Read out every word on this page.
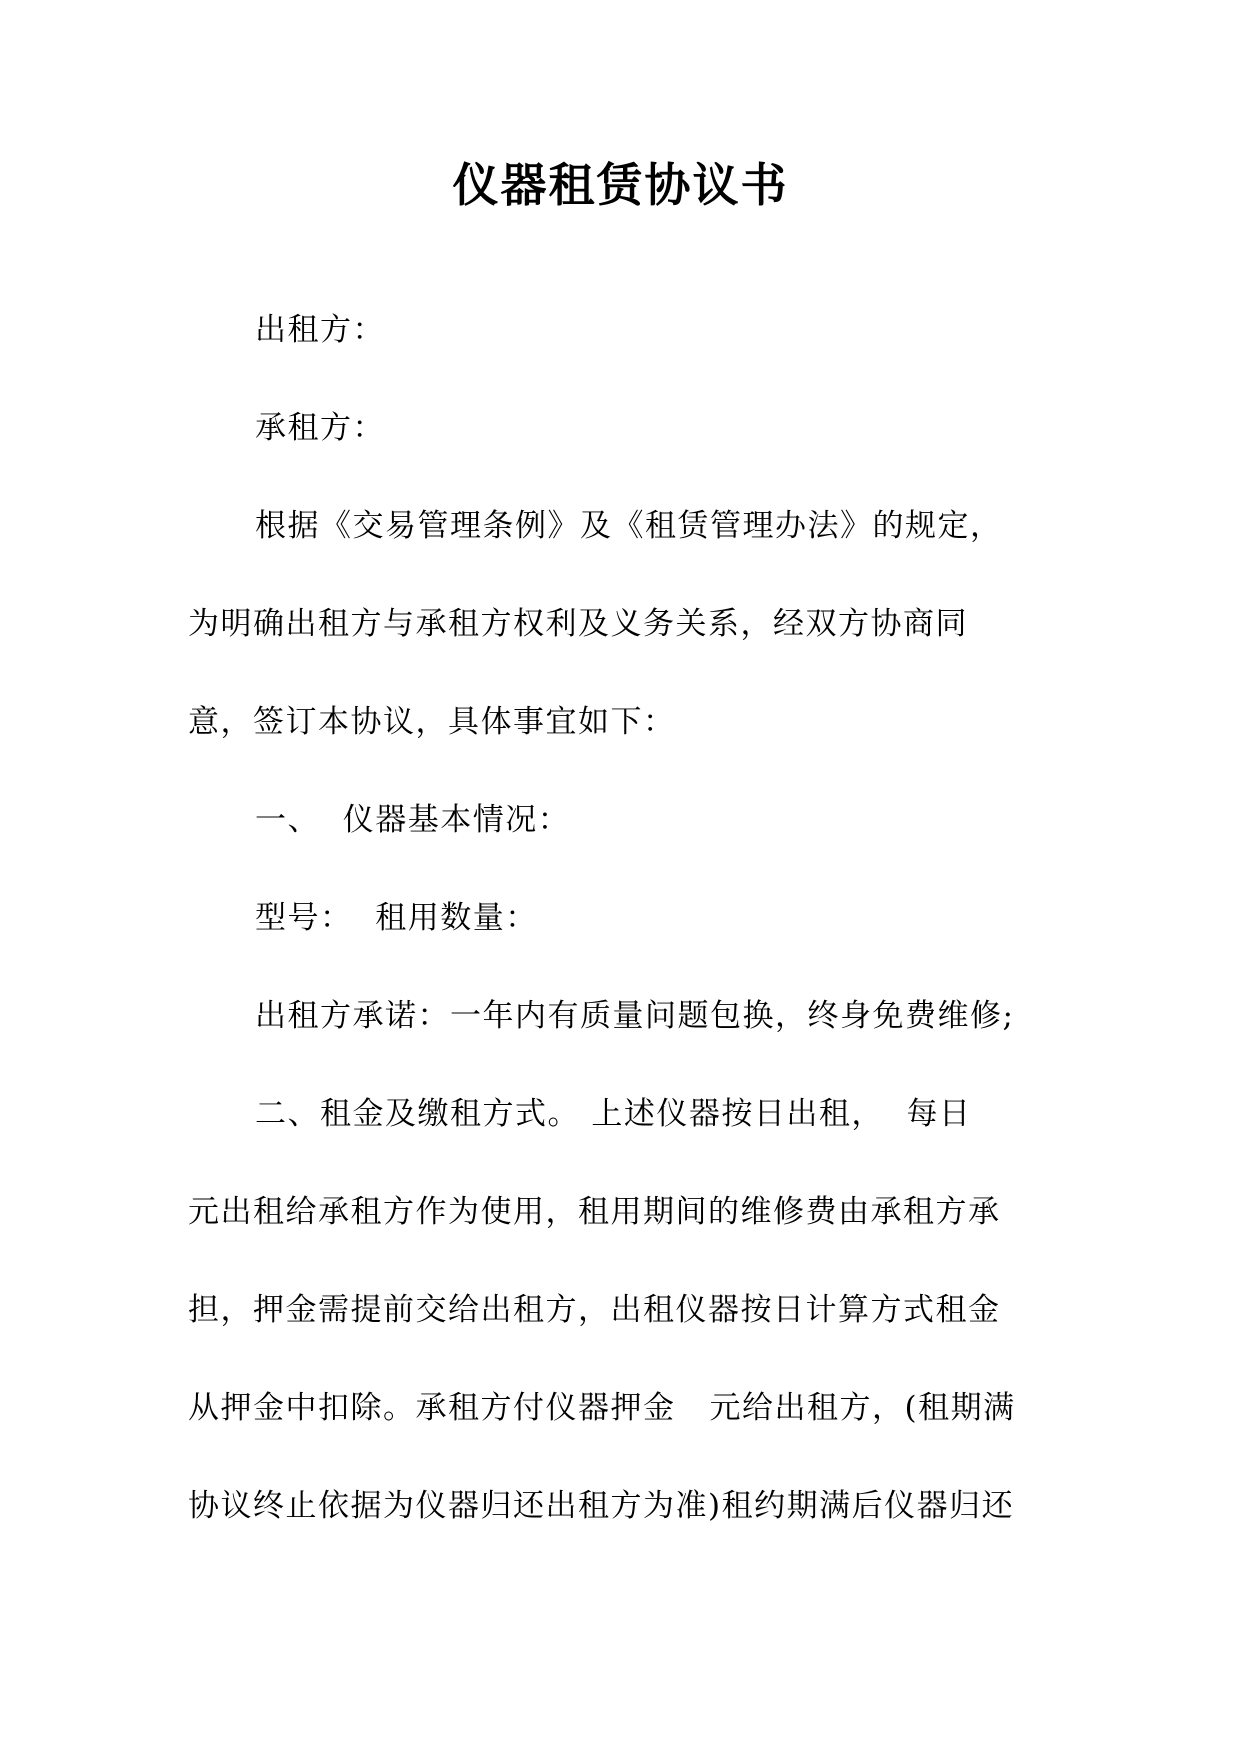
仪器租赁协议书
出租方：
承租方：
根据《交易管理条例》及《租赁管理办法》的规定，
为明确出租方与承租方权利及义务关系，经双方协商同
意，签订本协议，具体事宜如下：
一、  仪器基本情况：
型号：  租用数量：
出租方承诺：一年内有质量问题包换，终身免费维修;
二、租金及缴租方式。 上述仪器按日出租，  每日
元出租给承租方作为使用，租用期间的维修费由承租方承
担，押金需提前交给出租方，出租仪器按日计算方式租金
从押金中扣除。承租方付仪器押金   元给出租方，(租期满
协议终止依据为仪器归还出租方为准)租约期满后仪器归还
